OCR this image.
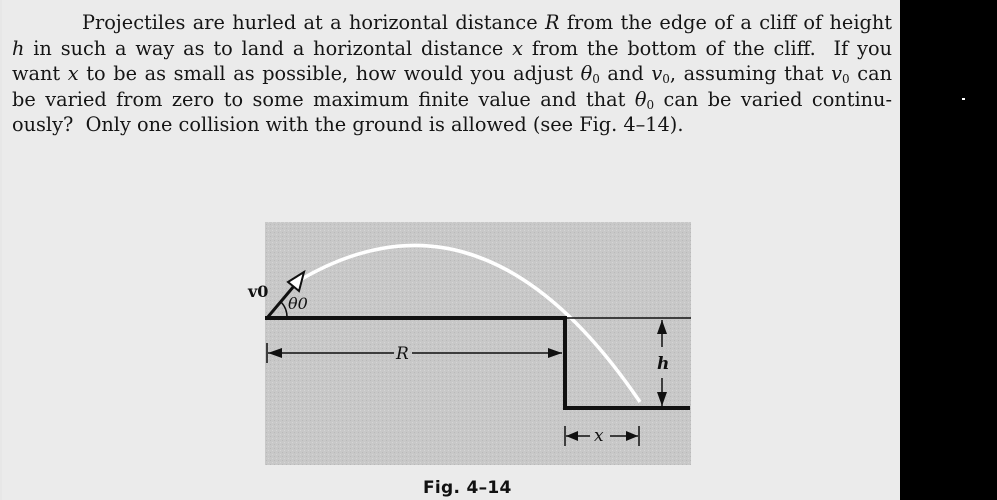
Projectiles are hurled at a horizontal distance R from the edge of a cliff of height
h in such a way as to land a horizontal distance x from the bottom of the cliff.  If you
want x to be as small as possible, how would you adjust $\theta_0$ and $v_0$, assuming that $v_0$ can
be varied from zero to some maximum finite value and that $\theta_0$ can be varied continu-
ously?  Only one collision with the ground is allowed (see Fig. 4–14).

v0
θ0
R	h
x

Fig. 4–14
